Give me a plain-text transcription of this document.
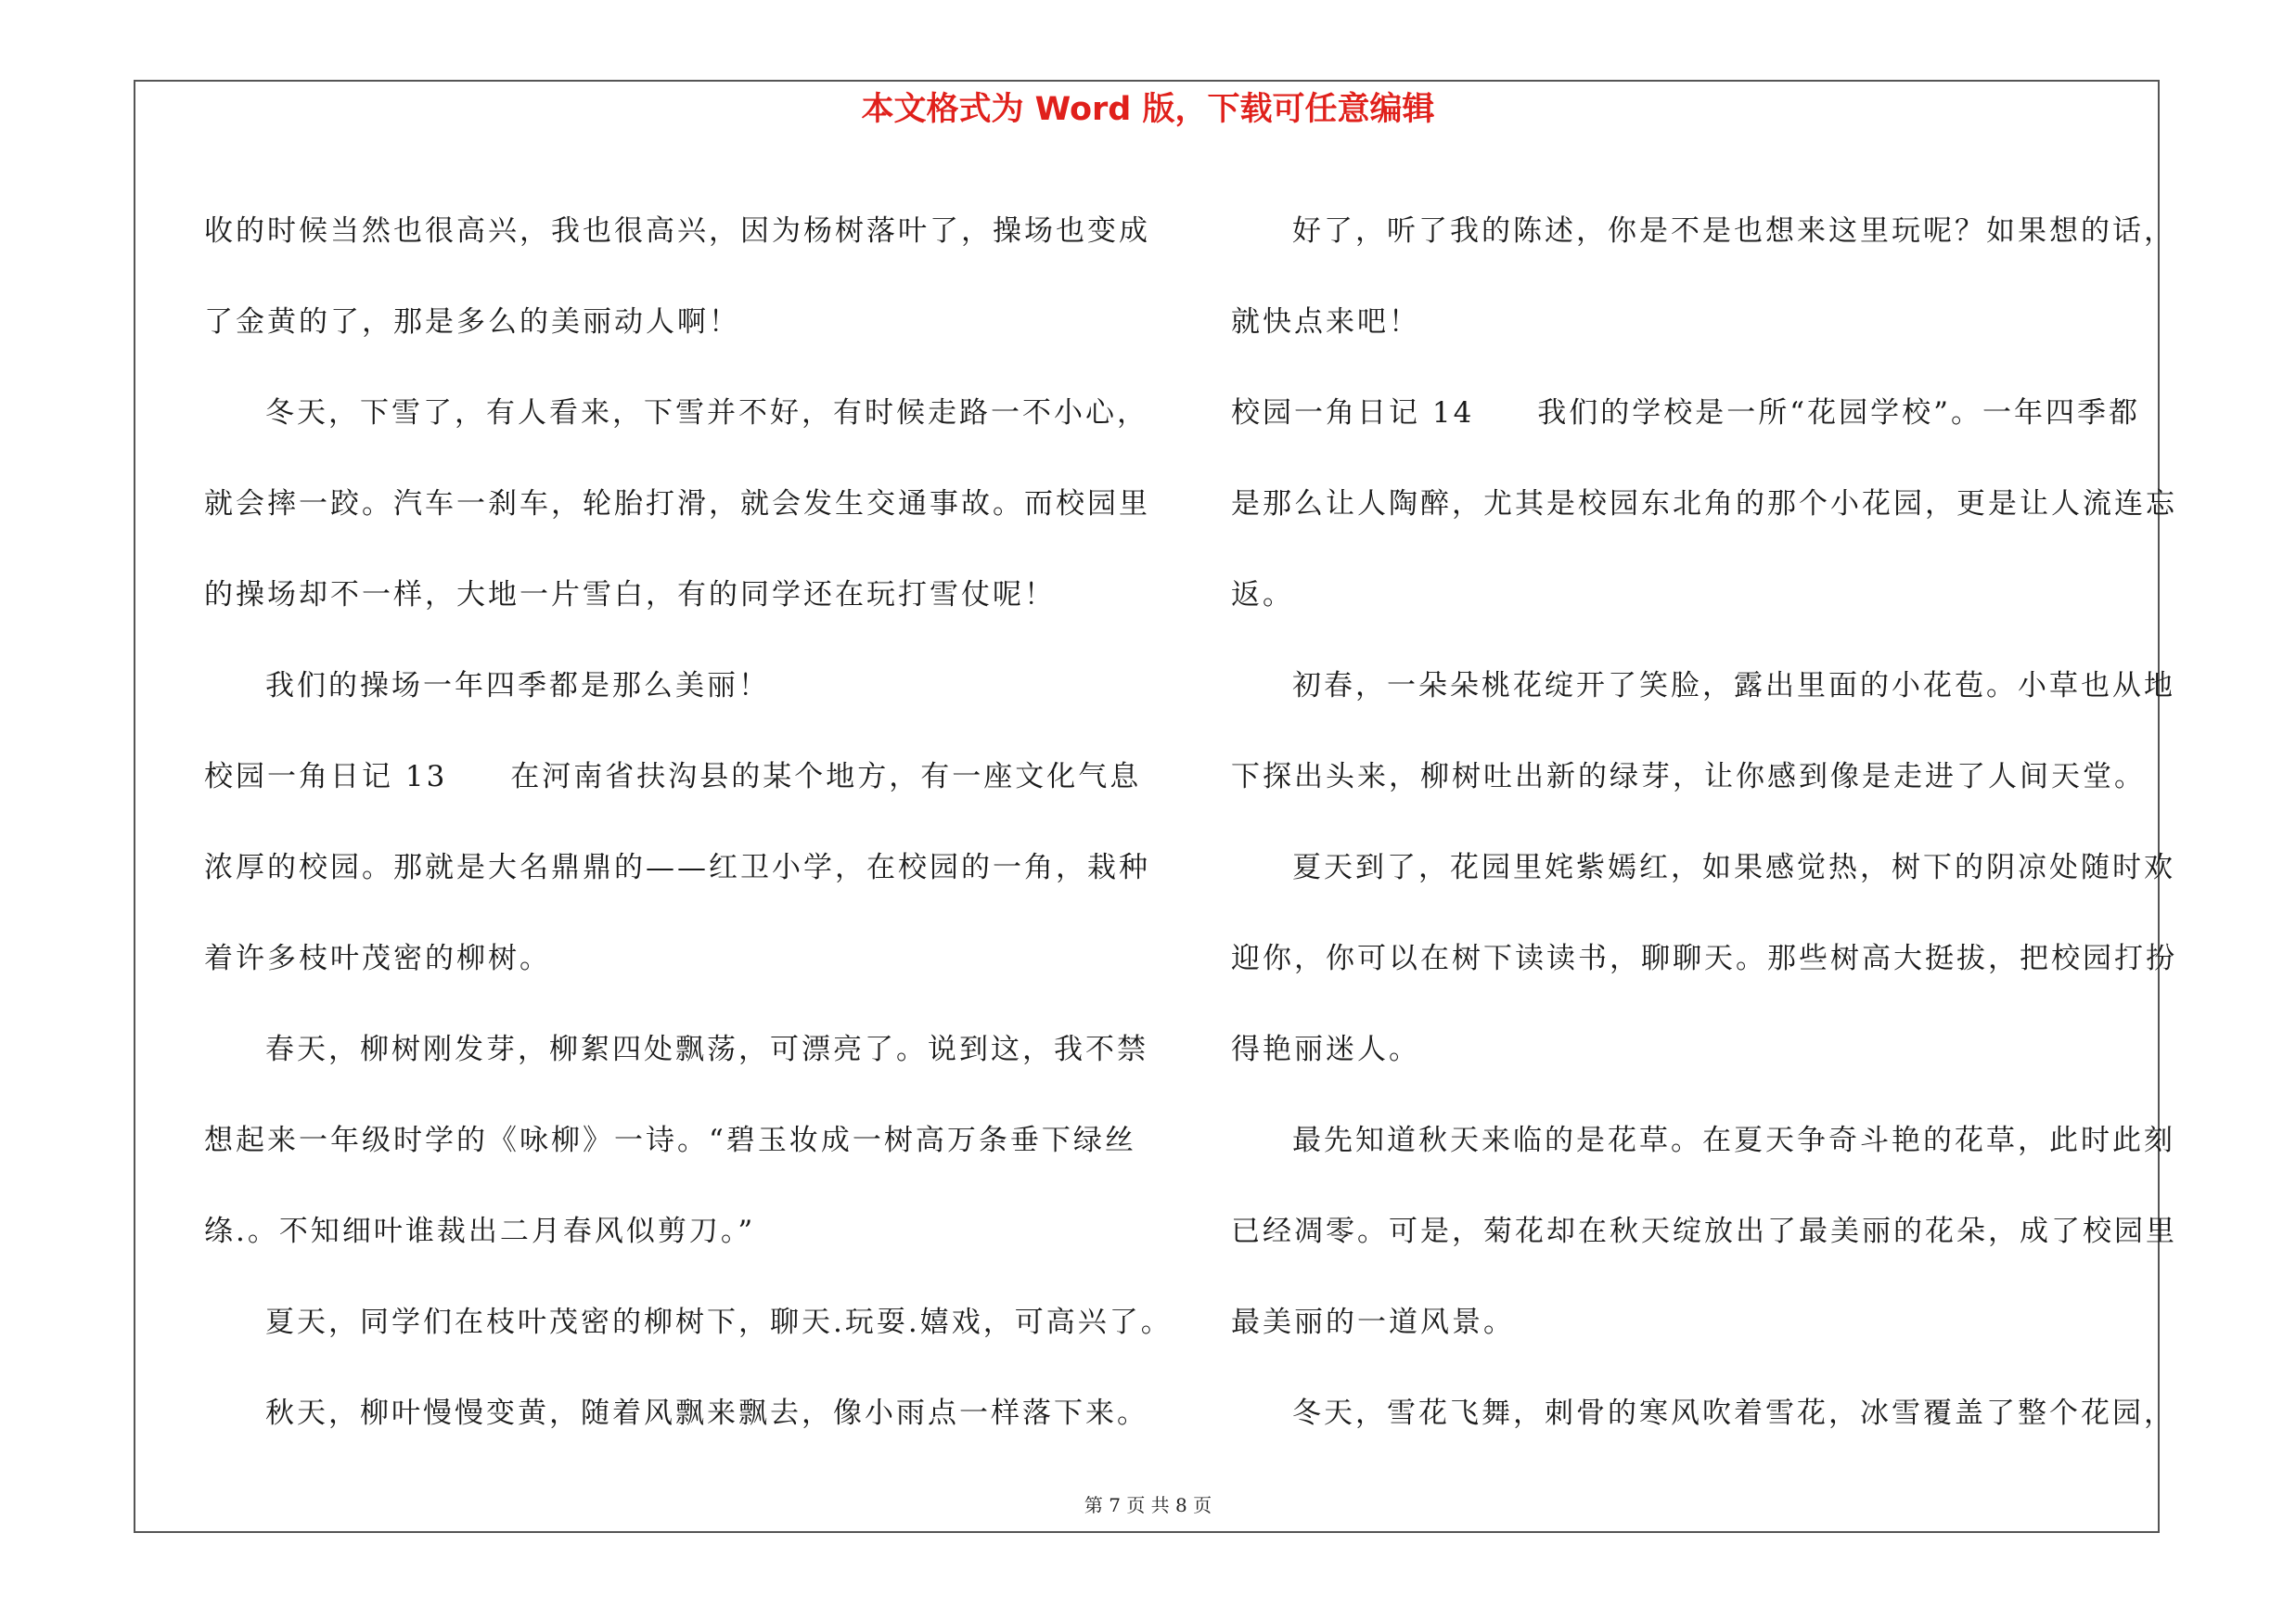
本文格式为 Word 版，下载可任意编辑
收的时候当然也很高兴，我也很高兴，因为杨树落叶了，操场也变成
了金黄的了，那是多么的美丽动人啊！
冬天，下雪了，有人看来，下雪并不好，有时候走路一不小心，
就会摔一跤。汽车一刹车，轮胎打滑，就会发生交通事故。而校园里
的操场却不一样，大地一片雪白，有的同学还在玩打雪仗呢！
我们的操场一年四季都是那么美丽！
校园一角日记 13　　在河南省扶沟县的某个地方，有一座文化气息
浓厚的校园。那就是大名鼎鼎的——红卫小学，在校园的一角，栽种
着许多枝叶茂密的柳树。
春天，柳树刚发芽，柳絮四处飘荡，可漂亮了。说到这，我不禁
想起来一年级时学的《咏柳》一诗。“碧玉妆成一树高万条垂下绿丝
绦.。不知细叶谁裁出二月春风似剪刀。”
夏天，同学们在枝叶茂密的柳树下，聊天.玩耍.嬉戏，可高兴了。
秋天，柳叶慢慢变黄，随着风飘来飘去，像小雨点一样落下来。
好了，听了我的陈述，你是不是也想来这里玩呢？如果想的话，
就快点来吧！
校园一角日记 14　　我们的学校是一所“花园学校”。一年四季都
是那么让人陶醉，尤其是校园东北角的那个小花园，更是让人流连忘
返。
初春，一朵朵桃花绽开了笑脸，露出里面的小花苞。小草也从地
下探出头来，柳树吐出新的绿芽，让你感到像是走进了人间天堂。
夏天到了，花园里姹紫嫣红，如果感觉热，树下的阴凉处随时欢
迎你，你可以在树下读读书，聊聊天。那些树高大挺拔，把校园打扮
得艳丽迷人。
最先知道秋天来临的是花草。在夏天争奇斗艳的花草，此时此刻
已经凋零。可是，菊花却在秋天绽放出了最美丽的花朵，成了校园里
最美丽的一道风景。
冬天，雪花飞舞，刺骨的寒风吹着雪花，冰雪覆盖了整个花园，
第 7 页 共 8 页
